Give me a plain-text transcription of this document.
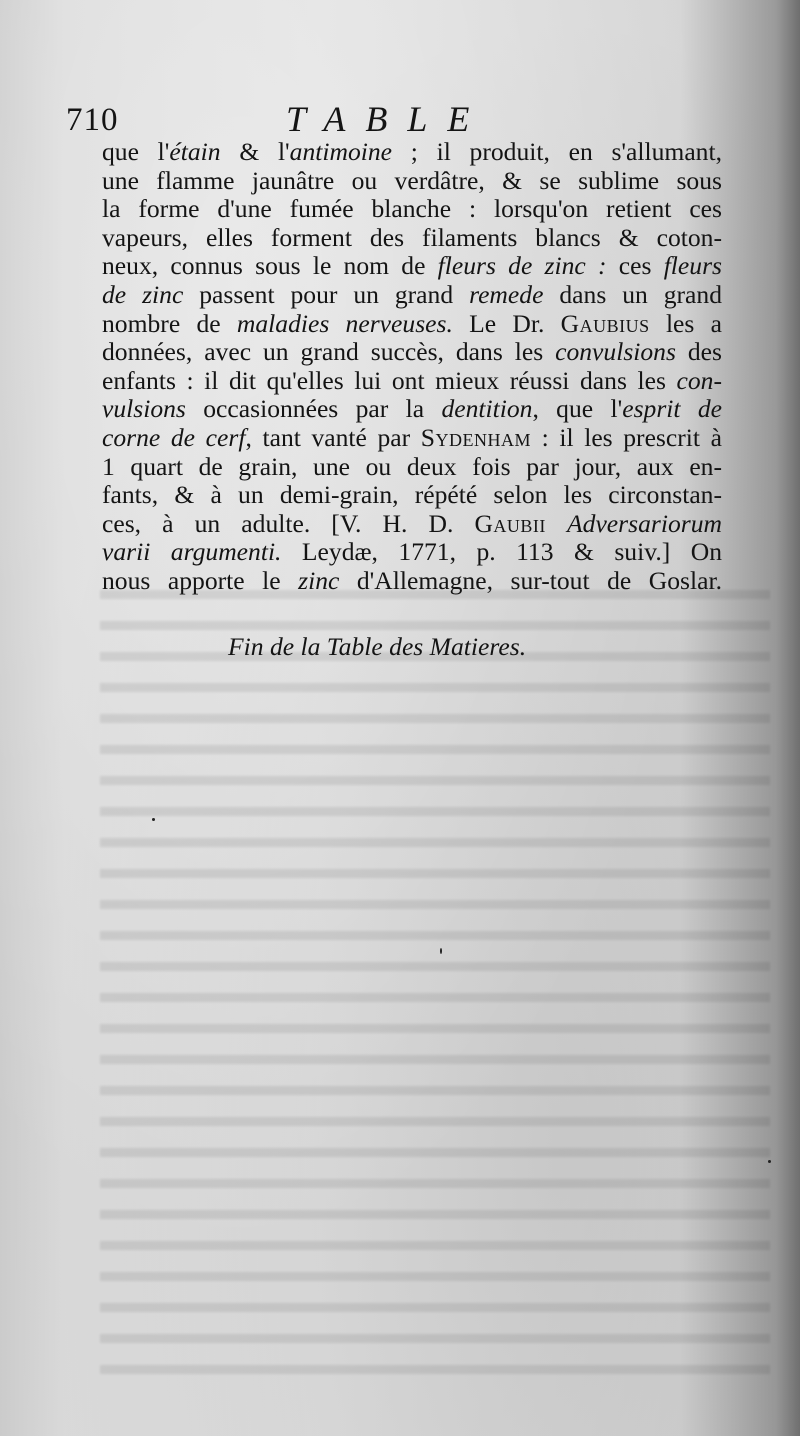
710	TABLE
que l'étain & l'antimoine ; il produit, en s'allumant,
une flamme jaunâtre ou verdâtre, & se sublime sous
la forme d'une fumée blanche : lorsqu'on retient ces
vapeurs, elles forment des filaments blancs & coton-
neux, connus sous le nom de fleurs de zinc : ces fleurs
de zinc passent pour un grand remede dans un grand
nombre de maladies nerveuses. Le Dr. Gaubius les a
données, avec un grand succès, dans les convulsions des
enfants : il dit qu'elles lui ont mieux réussi dans les con-
vulsions occasionnées par la dentition, que l'esprit de
corne de cerf, tant vanté par Sydenham : il les prescrit à
1 quart de grain, une ou deux fois par jour, aux en-
fants, & à un demi-grain, répété selon les circonstan-
ces, à un adulte. [V. H. D. Gaubii Adversariorum
varii argumenti. Leydæ, 1771, p. 113 & suiv.] On
nous apporte le zinc d'Allemagne, sur-tout de Goslar.
Fin de la Table des Matieres.
